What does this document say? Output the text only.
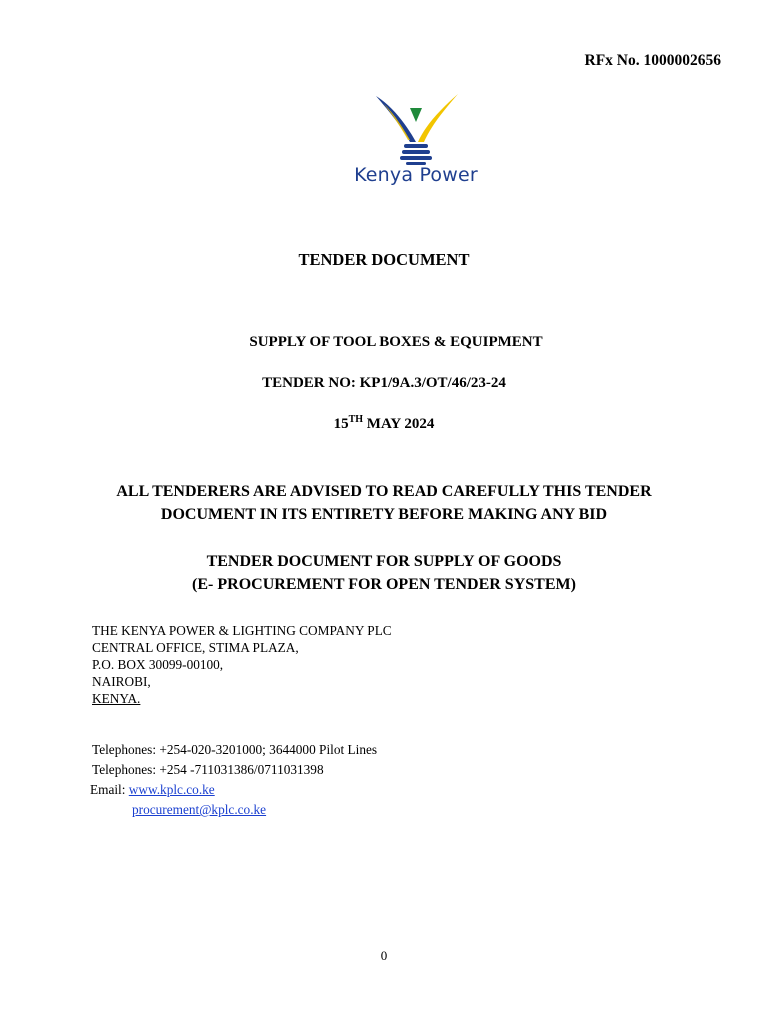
RFx No. 1000002656
Kenya Power
TENDER DOCUMENT
SUPPLY OF TOOL BOXES & EQUIPMENT
TENDER NO: KP1/9A.3/OT/46/23-24
15TH MAY 2024
ALL TENDERERS ARE ADVISED TO READ CAREFULLY THIS TENDER
DOCUMENT IN ITS ENTIRETY BEFORE MAKING ANY BID
TENDER DOCUMENT FOR SUPPLY OF GOODS
(E- PROCUREMENT FOR OPEN TENDER SYSTEM)
THE KENYA POWER & LIGHTING COMPANY PLC
CENTRAL OFFICE, STIMA PLAZA,
P.O. BOX 30099-00100,
NAIROBI,
KENYA.
Telephones: +254-020-3201000; 3644000 Pilot Lines
Telephones: +254 -711031386/0711031398
Email: www.kplc.co.ke
procurement@kplc.co.ke
0
